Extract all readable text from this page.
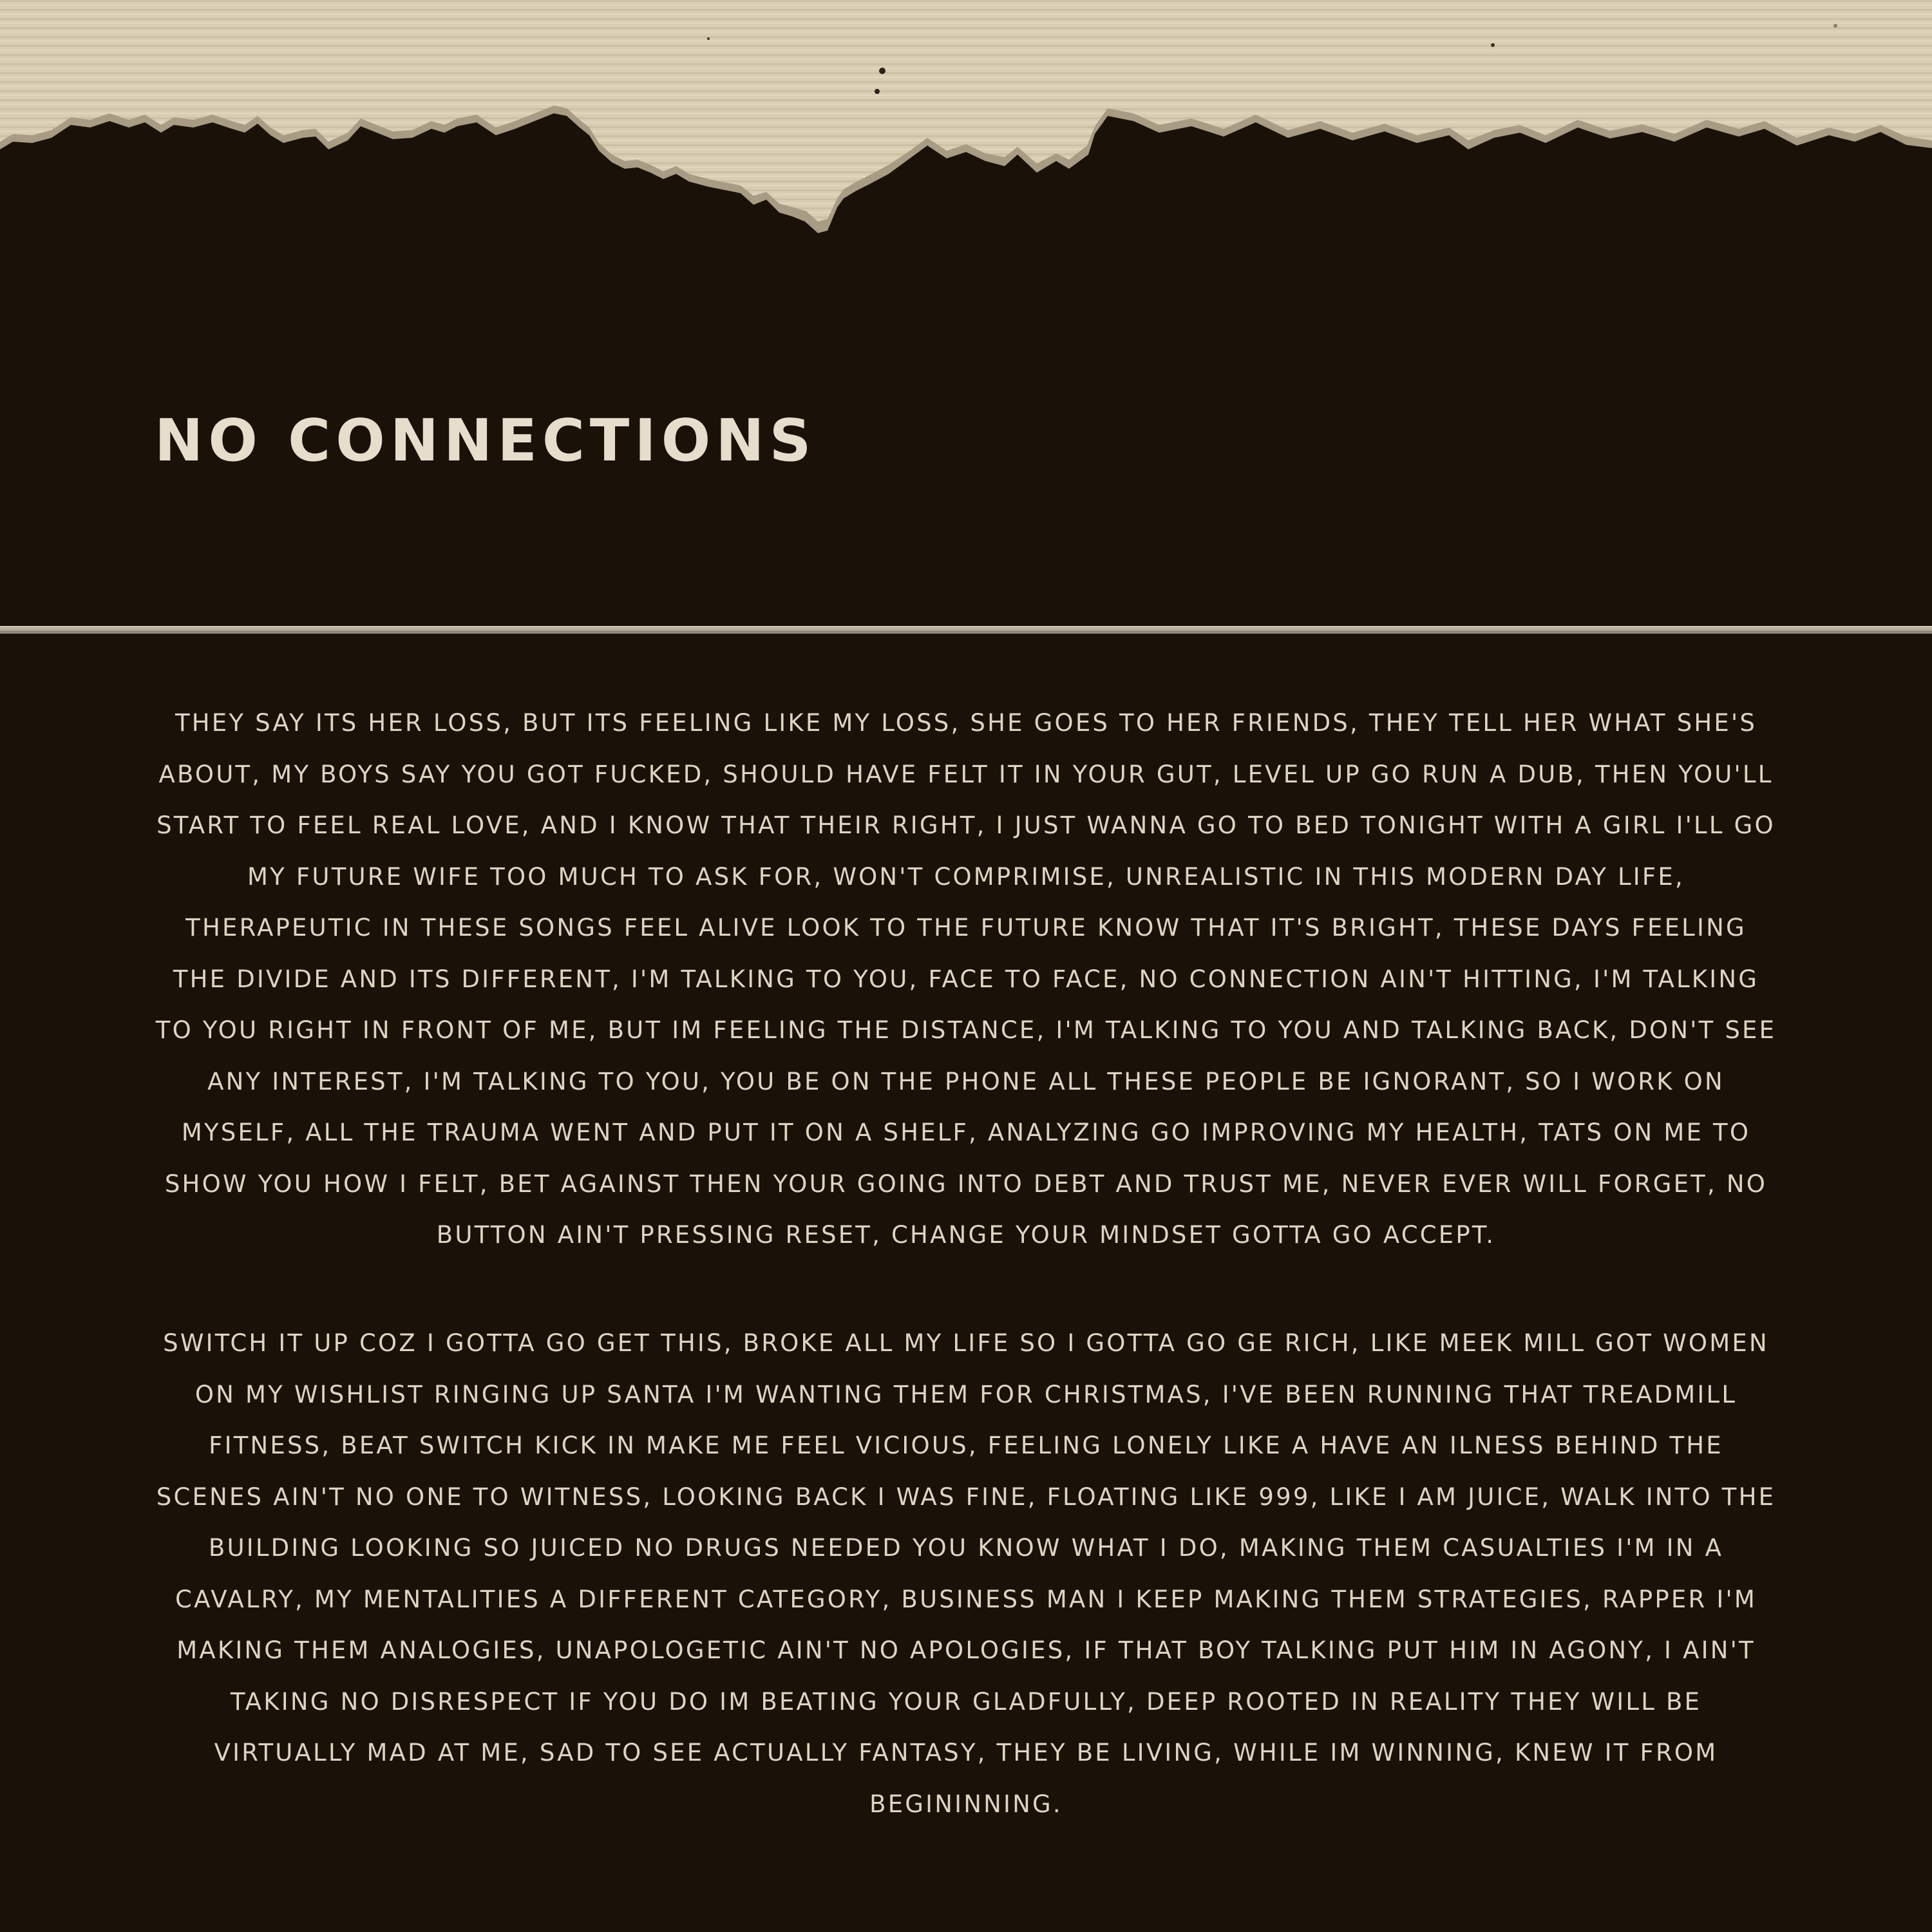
NO CONNECTIONS

THEY SAY ITS HER LOSS, BUT ITS FEELING LIKE MY LOSS, SHE GOES TO HER FRIENDS, THEY TELL HER WHAT SHE'S ABOUT, MY BOYS SAY YOU GOT FUCKED, SHOULD HAVE FELT IT IN YOUR GUT, LEVEL UP GO RUN A DUB, THEN YOU'LL START TO FEEL REAL LOVE, AND I KNOW THAT THEIR RIGHT, I JUST WANNA GO TO BED TONIGHT WITH A GIRL I'LL GO MY FUTURE WIFE TOO MUCH TO ASK FOR, WON'T COMPRIMISE, UNREALISTIC IN THIS MODERN DAY LIFE, THERAPEUTIC IN THESE SONGS FEEL ALIVE LOOK TO THE FUTURE KNOW THAT IT'S BRIGHT, THESE DAYS FEELING THE DIVIDE AND ITS DIFFERENT, I'M TALKING TO YOU, FACE TO FACE, NO CONNECTION AIN'T HITTING, I'M TALKING TO YOU RIGHT IN FRONT OF ME, BUT IM FEELING THE DISTANCE, I'M TALKING TO YOU AND TALKING BACK, DON'T SEE ANY INTEREST, I'M TALKING TO YOU, YOU BE ON THE PHONE ALL THESE PEOPLE BE IGNORANT, SO I WORK ON MYSELF, ALL THE TRAUMA WENT AND PUT IT ON A SHELF, ANALYZING GO IMPROVING MY HEALTH, TATS ON ME TO SHOW YOU HOW I FELT, BET AGAINST THEN YOUR GOING INTO DEBT AND TRUST ME, NEVER EVER WILL FORGET, NO BUTTON AIN'T PRESSING RESET, CHANGE YOUR MINDSET GOTTA GO ACCEPT.

SWITCH IT UP COZ I GOTTA GO GET THIS, BROKE ALL MY LIFE SO I GOTTA GO GE RICH, LIKE MEEK MILL GOT WOMEN ON MY WISHLIST RINGING UP SANTA I'M WANTING THEM FOR CHRISTMAS, I'VE BEEN RUNNING THAT TREADMILL FITNESS, BEAT SWITCH KICK IN MAKE ME FEEL VICIOUS, FEELING LONELY LIKE A HAVE AN ILNESS BEHIND THE SCENES AIN'T NO ONE TO WITNESS, LOOKING BACK I WAS FINE, FLOATING LIKE 999, LIKE I AM JUICE, WALK INTO THE BUILDING LOOKING SO JUICED NO DRUGS NEEDED YOU KNOW WHAT I DO, MAKING THEM CASUALTIES I'M IN A CAVALRY, MY MENTALITIES A DIFFERENT CATEGORY, BUSINESS MAN I KEEP MAKING THEM STRATEGIES, RAPPER I'M MAKING THEM ANALOGIES, UNAPOLOGETIC AIN'T NO APOLOGIES, IF THAT BOY TALKING PUT HIM IN AGONY, I AIN'T TAKING NO DISRESPECT IF YOU DO IM BEATING YOUR GLADFULLY, DEEP ROOTED IN REALITY THEY WILL BE VIRTUALLY MAD AT ME, SAD TO SEE ACTUALLY FANTASY, THEY BE LIVING, WHILE IM WINNING, KNEW IT FROM BEGININNING.
